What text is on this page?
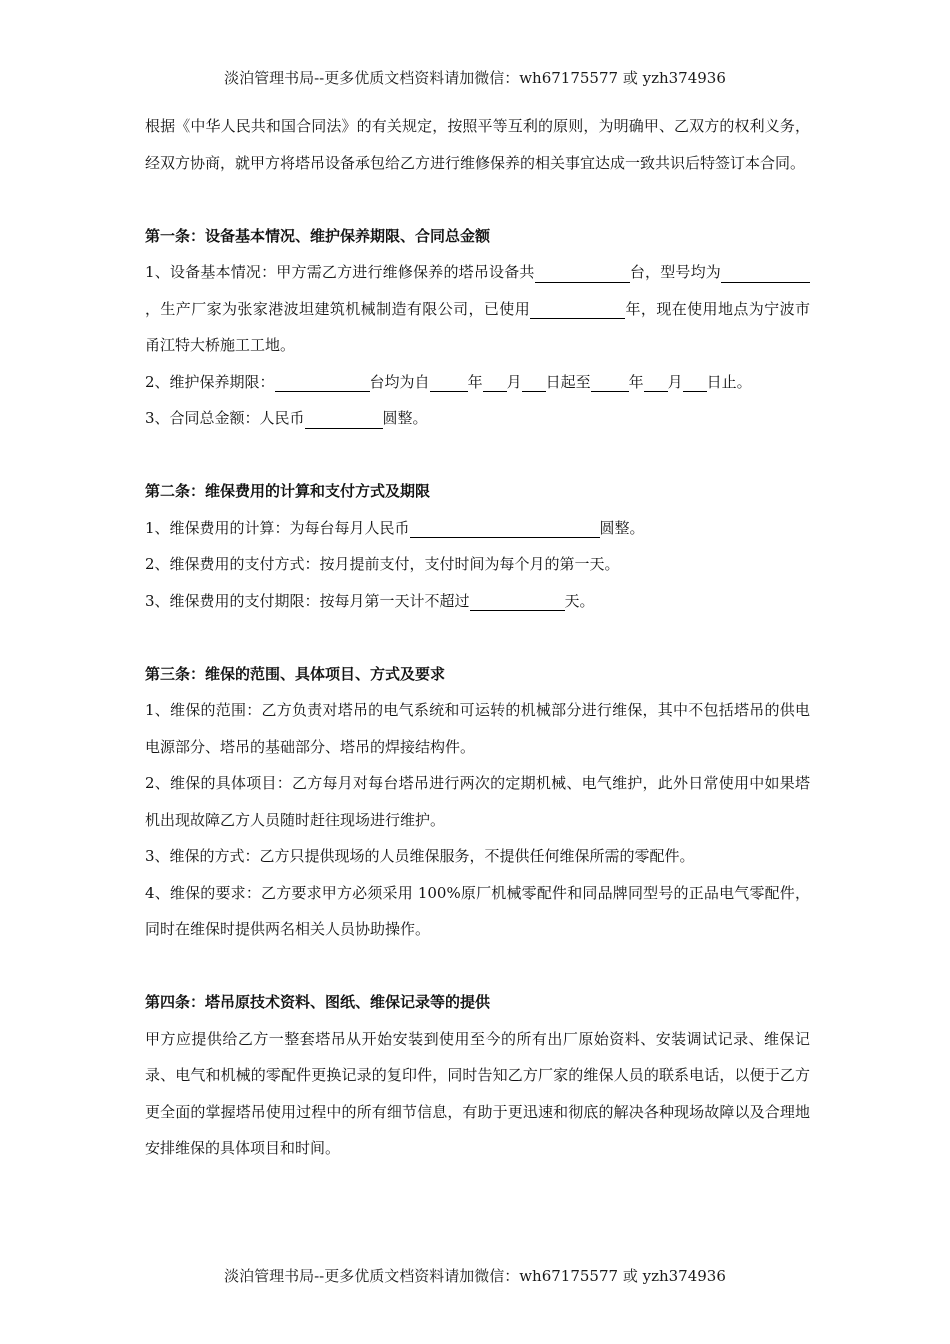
淡泊管理书局--更多优质文档资料请加微信：wh67175577 或 yzh374936

根据《中华人民共和国合同法》的有关规定，按照平等互利的原则，为明确甲、乙双方的权利义务，经双方协商，就甲方将塔吊设备承包给乙方进行维修保养的相关事宜达成一致共识后特签订本合同。

第一条：设备基本情况、维护保养期限、合同总金额

1、设备基本情况：甲方需乙方进行维修保养的塔吊设备共	台，型号均为，生产厂家为张家港波坦建筑机械制造有限公司，已使用	年，现在使用地点为宁波市甬江特大桥施工工地。

2、维护保养期限：	台均为自	年 月 日起至	年 月 日止。

3、合同总金额：人民币	圆整。

第二条：维保费用的计算和支付方式及期限

1、维保费用的计算：为每台每月人民币	圆整。

2、维保费用的支付方式：按月提前支付，支付时间为每个月的第一天。

3、维保费用的支付期限：按每月第一天计不超过	天。

第三条：维保的范围、具体项目、方式及要求

1、维保的范围：乙方负责对塔吊的电气系统和可运转的机械部分进行维保，其中不包括塔吊的供电电源部分、塔吊的基础部分、塔吊的焊接结构件。

2、维保的具体项目：乙方每月对每台塔吊进行两次的定期机械、电气维护，此外日常使用中如果塔机出现故障乙方人员随时赶往现场进行维护。

3、维保的方式：乙方只提供现场的人员维保服务，不提供任何维保所需的零配件。

4、维保的要求：乙方要求甲方必须采用 100%原厂机械零配件和同品牌同型号的正品电气零配件，同时在维保时提供两名相关人员协助操作。

第四条：塔吊原技术资料、图纸、维保记录等的提供

甲方应提供给乙方一整套塔吊从开始安装到使用至今的所有出厂原始资料、安装调试记录、维保记录、电气和机械的零配件更换记录的复印件，同时告知乙方厂家的维保人员的联系电话，以便于乙方更全面的掌握塔吊使用过程中的所有细节信息，有助于更迅速和彻底的解决各种现场故障以及合理地安排维保的具体项目和时间。

淡泊管理书局--更多优质文档资料请加微信：wh67175577 或 yzh374936
